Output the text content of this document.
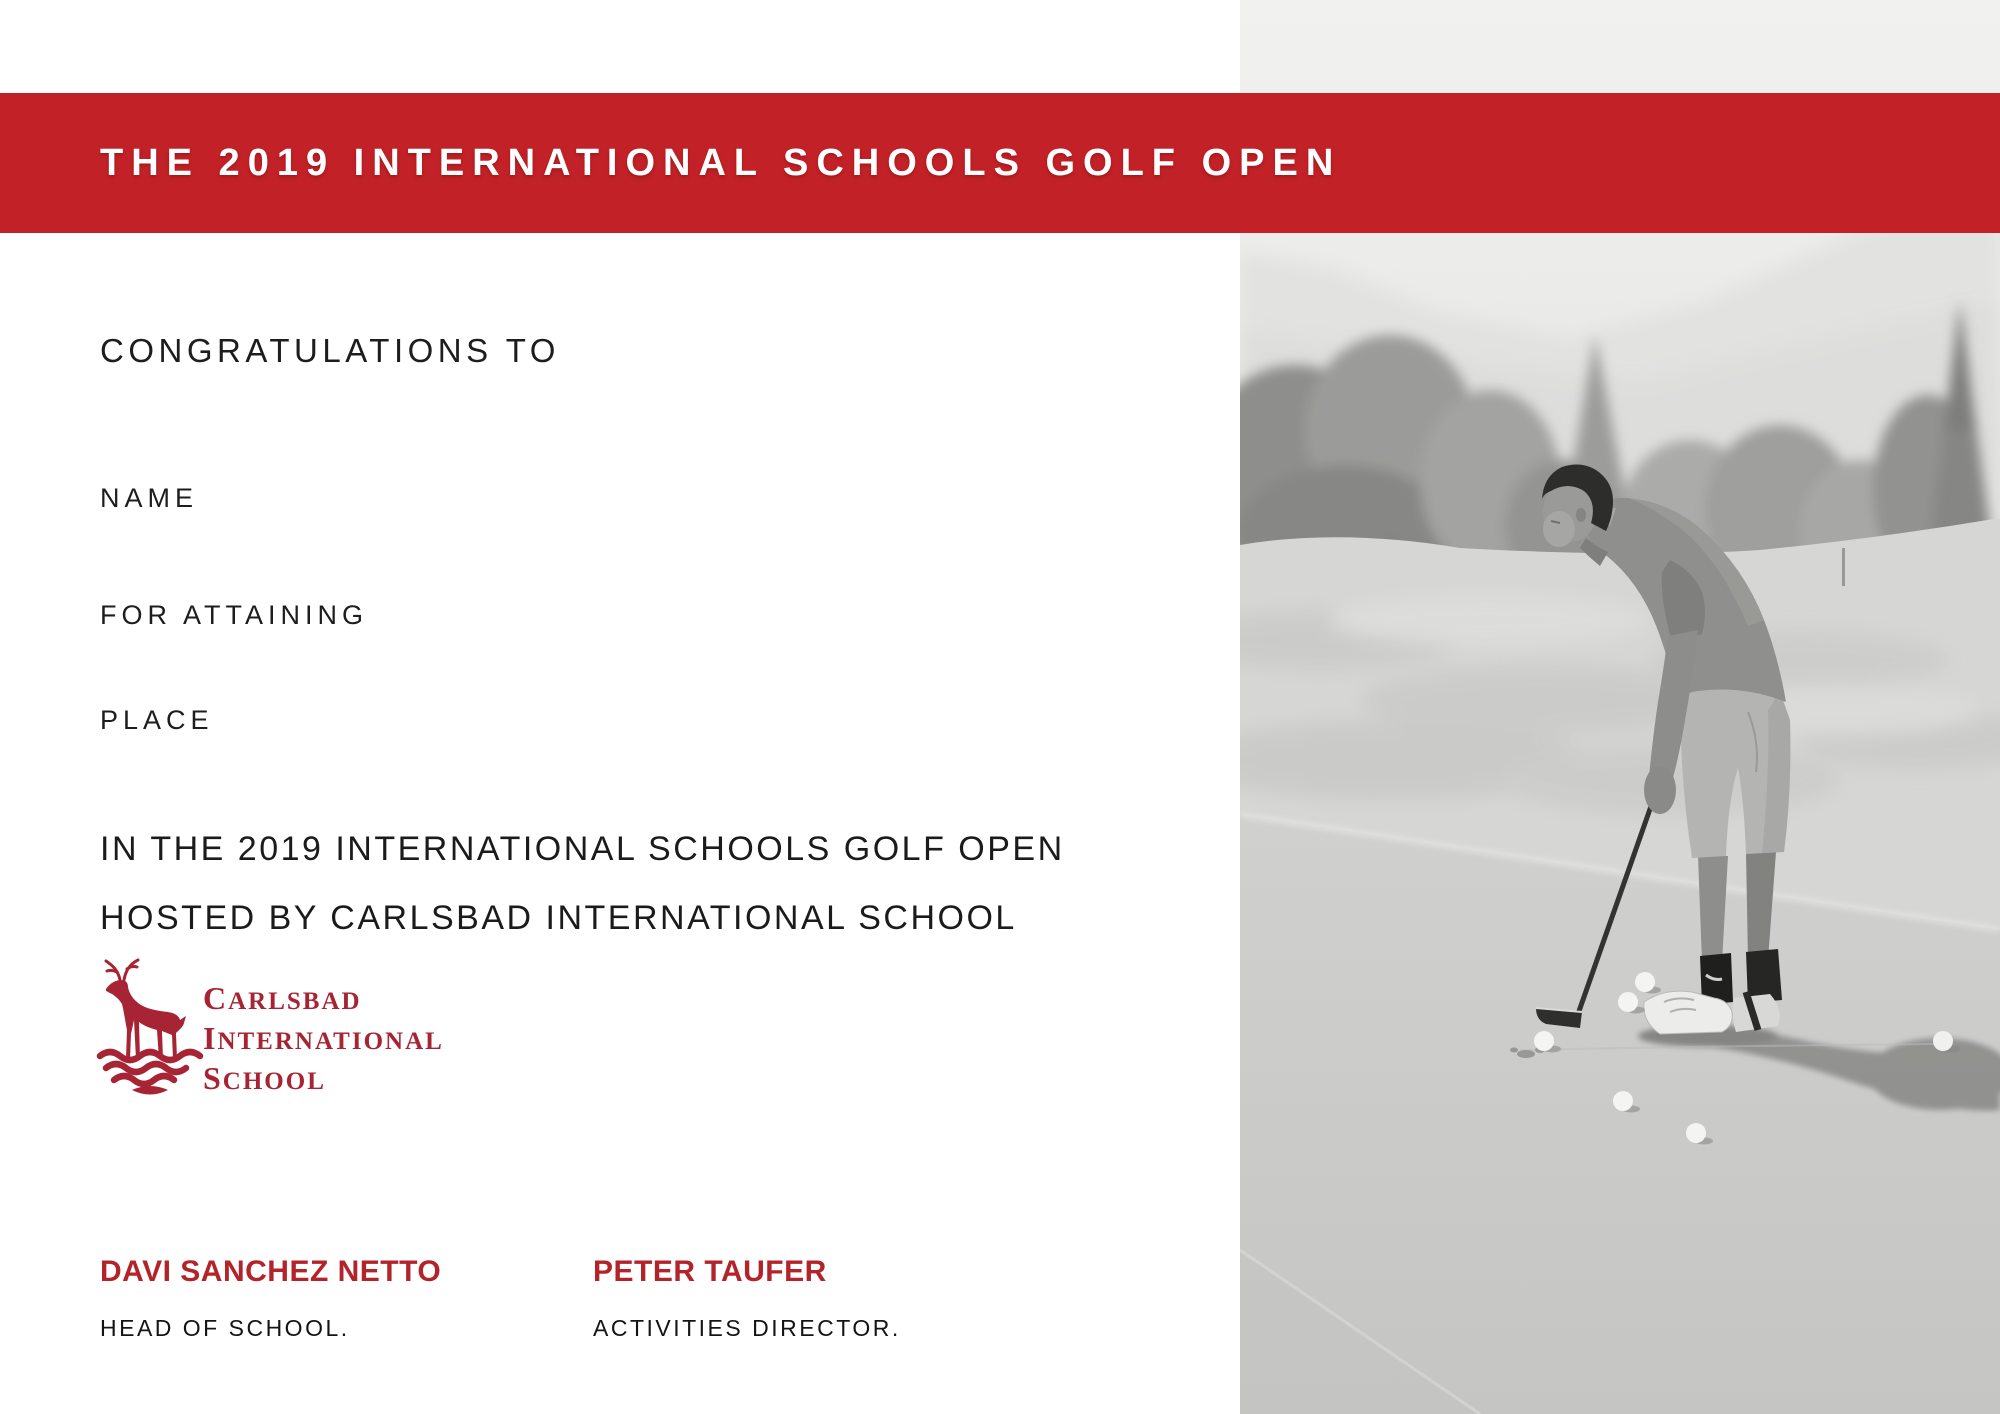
THE 2019 INTERNATIONAL SCHOOLS GOLF OPEN

CONGRATULATIONS TO

NAME

FOR ATTAINING

PLACE

IN THE 2019 INTERNATIONAL SCHOOLS GOLF OPEN

HOSTED BY CARLSBAD INTERNATIONAL SCHOOL

CARLSBAD
INTERNATIONAL
SCHOOL
DAVI SANCHEZ NETTO
HEAD OF SCHOOL.
PETER TAUFER
ACTIVITIES DIRECTOR.
